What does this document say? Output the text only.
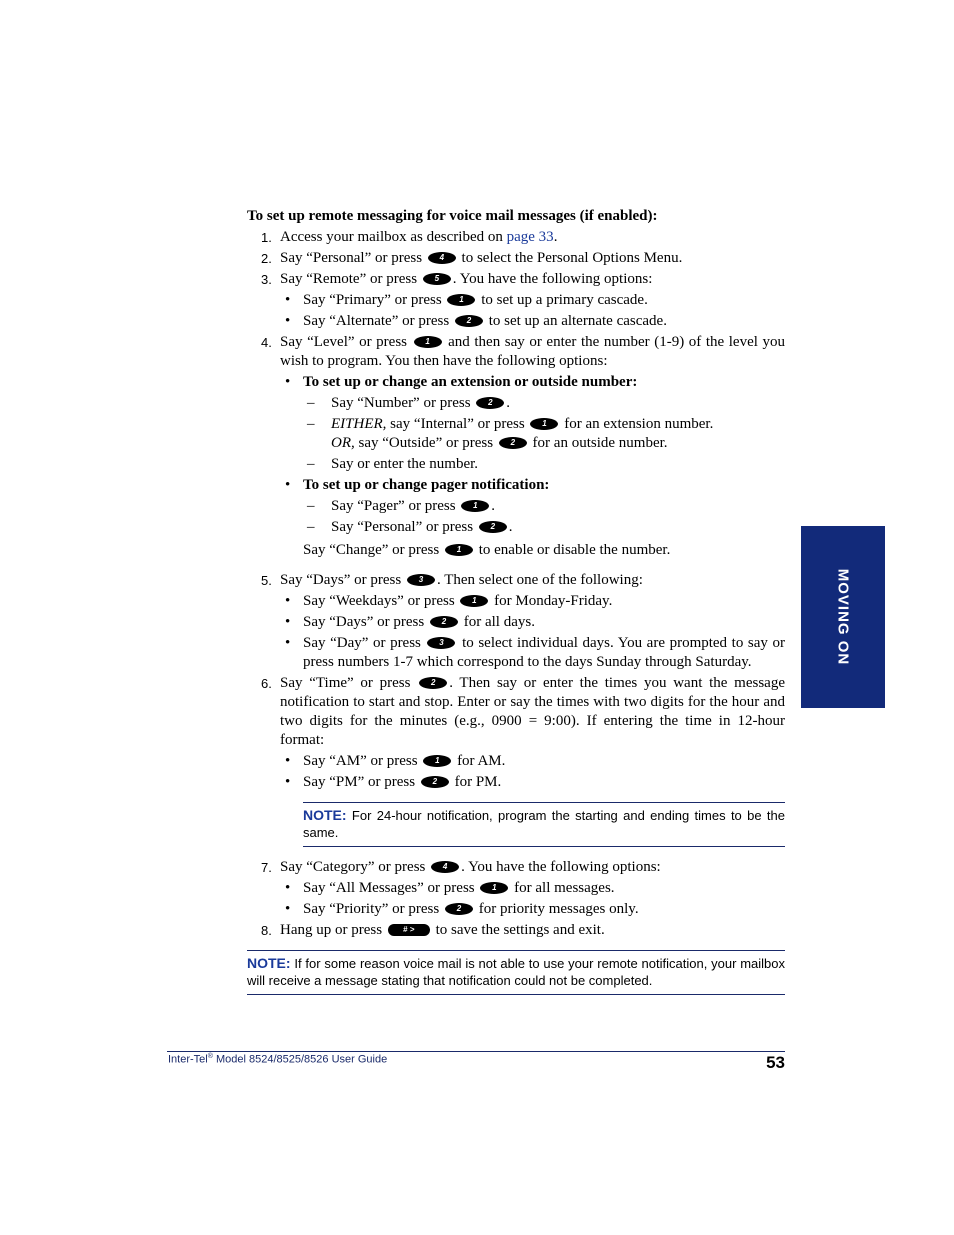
To set up remote messaging for voice mail messages (if enabled):
1. Access your mailbox as described on page 33.
2. Say “Personal” or press 4 to select the Personal Options Menu.
3. Say “Remote” or press 5 . You have the following options:
• Say “Primary” or press 1 to set up a primary cascade.
• Say “Alternate” or press 2 to set up an alternate cascade.
4. Say “Level” or press 1 and then say or enter the number (1-9) of the level you wish to program. You then have the following options:
• To set up or change an extension or outside number:
– Say “Number” or press 2 .
– EITHER, say “Internal” or press 1 for an extension number.
OR, say “Outside” or press 2 for an outside number.
– Say or enter the number.
• To set up or change pager notification:
– Say “Pager” or press 1 .
– Say “Personal” or press 2 .
Say “Change” or press 1 to enable or disable the number.
5. Say “Days” or press 3 . Then select one of the following:
• Say “Weekdays” or press 1 for Monday-Friday.
• Say “Days” or press 2 for all days.
• Say “Day” or press 3 to select individual days. You are prompted to say or press numbers 1-7 which correspond to the days Sunday through Saturday.
6. Say “Time” or press 2 . Then say or enter the times you want the message notification to start and stop. Enter or say the times with two digits for the hour and two digits for the minutes (e.g., 0900 = 9:00). If entering the time in 12-hour format:
• Say “AM” or press 1 for AM.
• Say “PM” or press 2 for PM.
NOTE: For 24-hour notification, program the starting and ending times to be the same.
7. Say “Category” or press 4 . You have the following options:
• Say “All Messages” or press 1 for all messages.
• Say “Priority” or press 2 for priority messages only.
8. Hang up or press # > to save the settings and exit.
NOTE: If for some reason voice mail is not able to use your remote notification, your mailbox will receive a message stating that notification could not be completed.
MOVING ON
Inter-Tel® Model 8524/8525/8526 User Guide	53
